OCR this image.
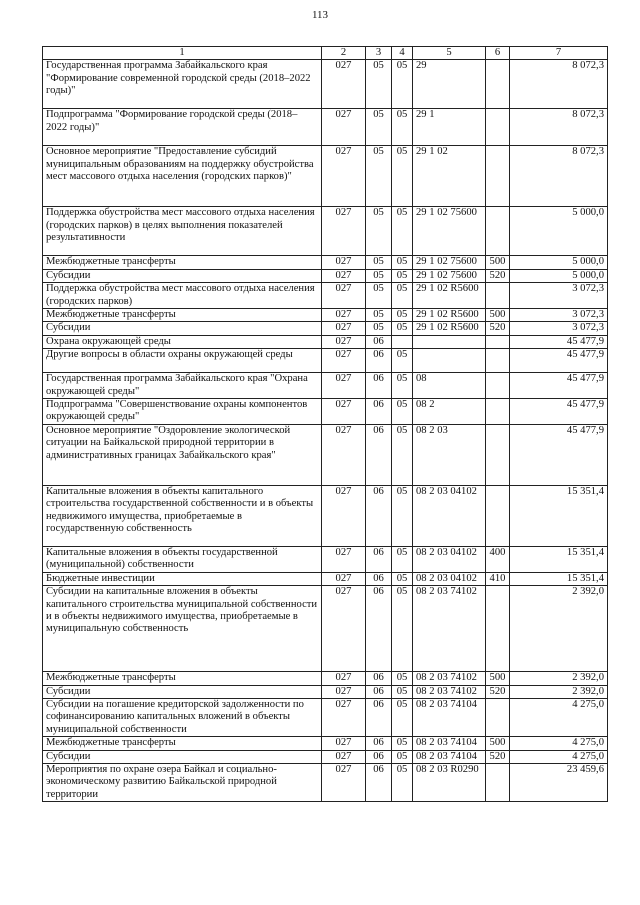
113
1	2	3	4	5	6	7
Государственная программа Забайкальского края "Формирование современной городской среды (2018–2022 годы)"	027	05	05	29		8 072,3
Подпрограмма "Формирование городской среды (2018–2022 годы)"	027	05	05	29 1		8 072,3
Основное мероприятие "Предоставление субсидий муниципальным образованиям на поддержку обустройства мест массового отдыха населения (городских парков)"	027	05	05	29 1 02		8 072,3
Поддержка обустройства мест массового отдыха населения (городских парков) в целях выполнения показателей результативности	027	05	05	29 1 02 75600		5 000,0
Межбюджетные трансферты	027	05	05	29 1 02 75600	500	5 000,0
Субсидии	027	05	05	29 1 02 75600	520	5 000,0
Поддержка обустройства мест массового отдыха населения (городских парков)	027	05	05	29 1 02 R5600		3 072,3
Межбюджетные трансферты	027	05	05	29 1 02 R5600	500	3 072,3
Субсидии	027	05	05	29 1 02 R5600	520	3 072,3
Охрана окружающей среды	027	06				45 477,9
Другие вопросы в области охраны окружающей среды	027	06	05			45 477,9
Государственная программа Забайкальского края "Охрана окружающей среды"	027	06	05	08		45 477,9
Подпрограмма "Совершенствование охраны компонентов окружающей среды"	027	06	05	08 2		45 477,9
Основное мероприятие "Оздоровление экологической ситуации на Байкальской природной территории в административных границах Забайкальского края"	027	06	05	08 2 03		45 477,9
Капитальные вложения в объекты капитального строительства государственной собственности и в объекты недвижимого имущества, приобретаемые в государственную собственность	027	06	05	08 2 03 04102		15 351,4
Капитальные вложения в объекты государственной (муниципальной) собственности	027	06	05	08 2 03 04102	400	15 351,4
Бюджетные инвестиции	027	06	05	08 2 03 04102	410	15 351,4
Субсидии на капитальные вложения в объекты капитального строительства муниципальной собственности и в объекты недвижимого имущества, приобретаемые в муниципальную собственность	027	06	05	08 2 03 74102		2 392,0
Межбюджетные трансферты	027	06	05	08 2 03 74102	500	2 392,0
Субсидии	027	06	05	08 2 03 74102	520	2 392,0
Субсидии на погашение кредиторской задолженности по софинансированию капитальных вложений в объекты муниципальной собственности	027	06	05	08 2 03 74104		4 275,0
Межбюджетные трансферты	027	06	05	08 2 03 74104	500	4 275,0
Субсидии	027	06	05	08 2 03 74104	520	4 275,0
Мероприятия по охране озера Байкал и социально-экономическому развитию Байкальской природной территории	027	06	05	08 2 03 R0290		23 459,6
